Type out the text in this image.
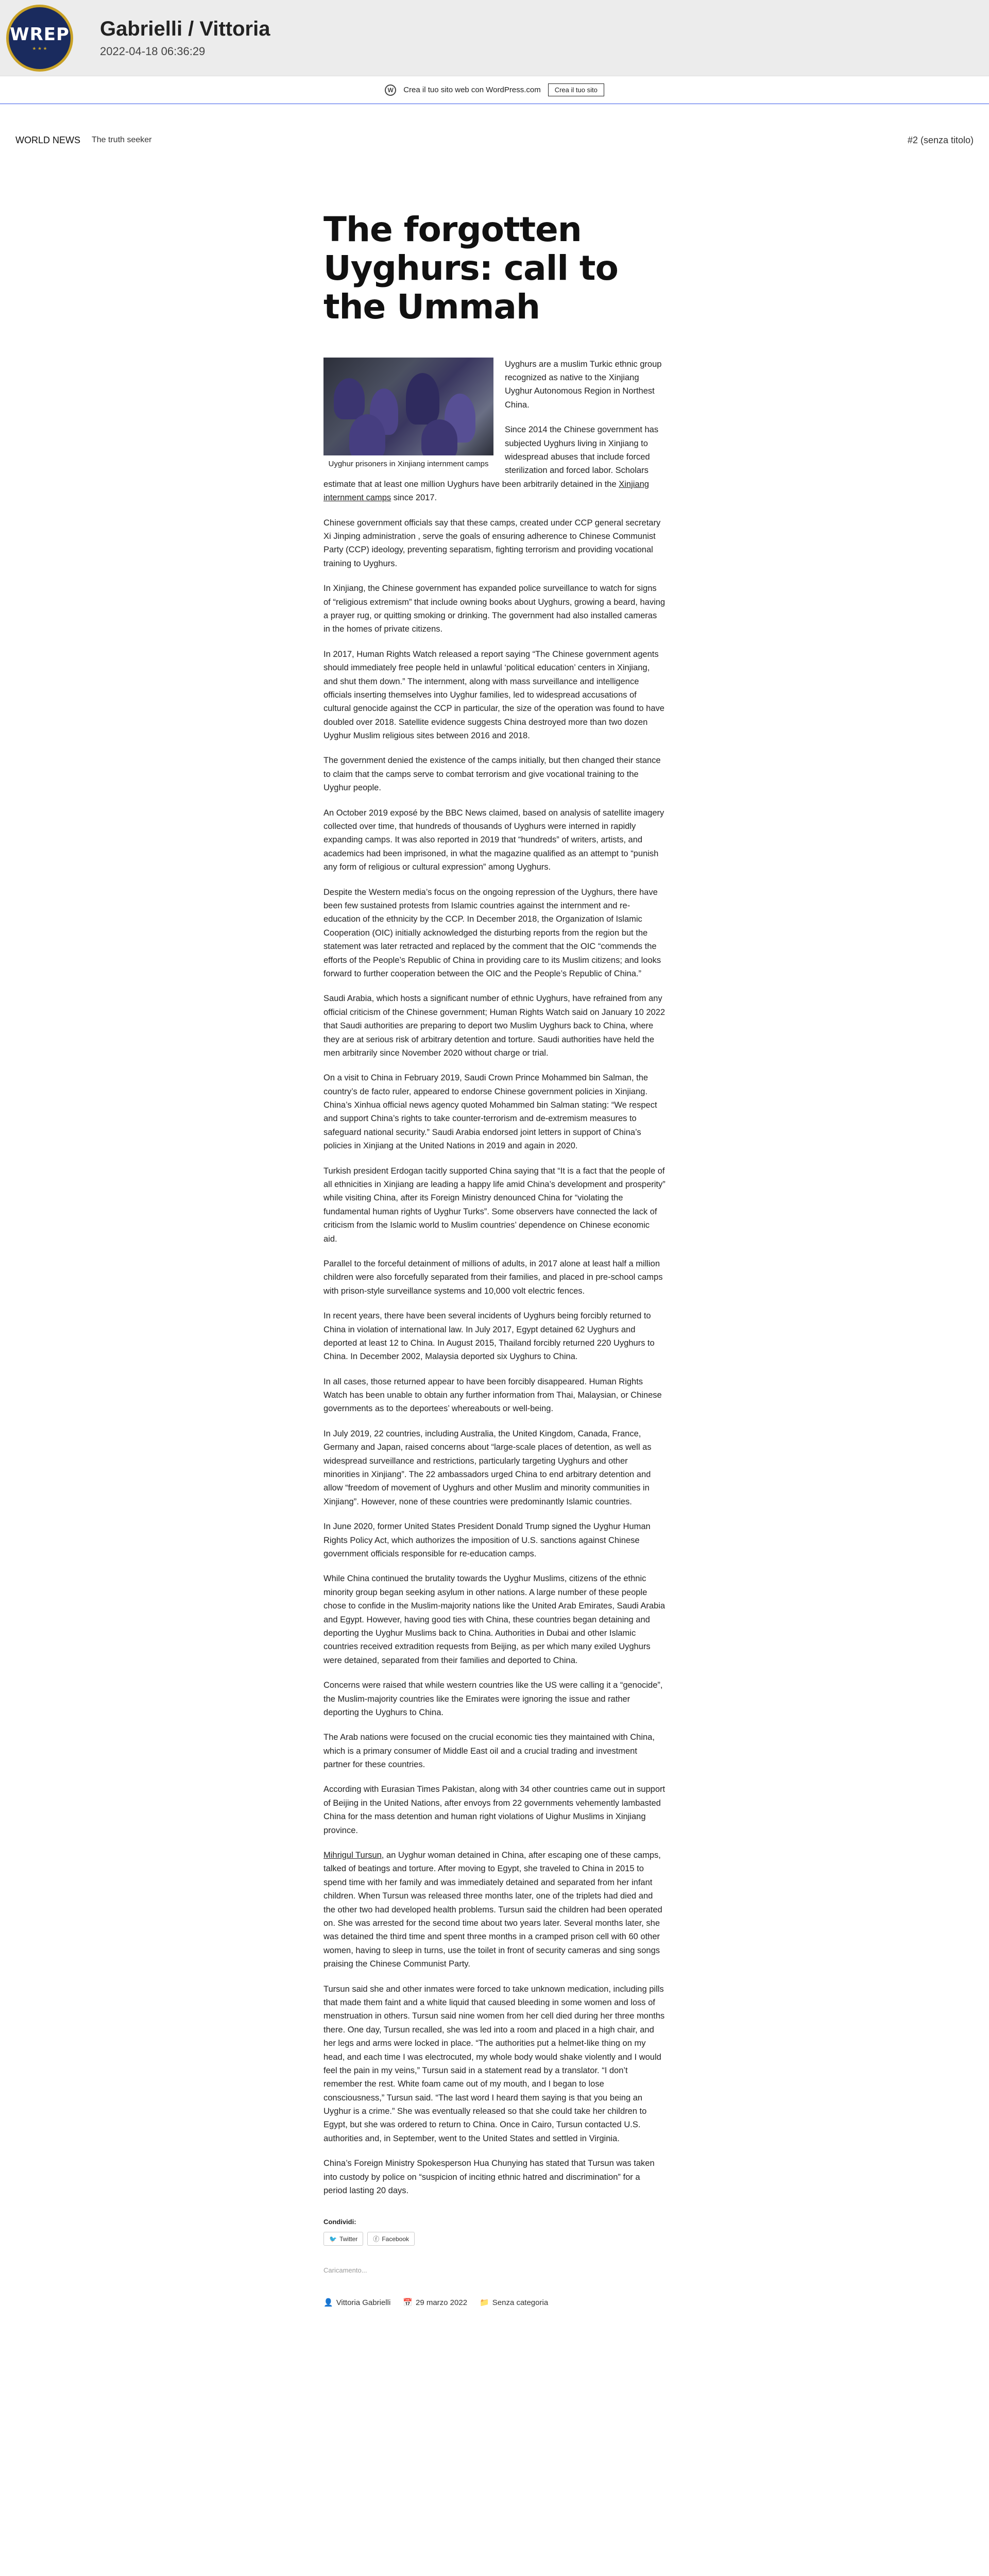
WREP
★ ★ ★
Gabrielli / Vittoria
2022-04-18 06:36:29
W	Crea il tuo sito web con WordPress.com	Crea il tuo sito
WORLD NEWS The truth seeker	#2 (senza titolo)
The forgotten Uyghurs: call to the Ummah
Uyghur prisoners in Xinjiang internment camps

Uyghurs are a muslim Turkic ethnic group recognized as native to the Xinjiang Uyghur Autonomous Region in Northest China.

Since 2014 the Chinese government has subjected Uyghurs living in Xinjiang to widespread abuses that include forced sterilization and forced labor. Scholars estimate that at least one million Uyghurs have been arbitrarily detained in the Xinjiang internment camps since 2017.

Chinese government officials say that these camps, created under CCP general secretary Xi Jinping administration , serve the goals of ensuring adherence to Chinese Communist Party (CCP) ideology, preventing separatism, fighting terrorism and providing vocational training to Uyghurs.

In Xinjiang, the Chinese government has expanded police surveillance to watch for signs of “religious extremism” that include owning books about Uyghurs, growing a beard, having a prayer rug, or quitting smoking or drinking. The government had also installed cameras in the homes of private citizens.

In 2017, Human Rights Watch released a report saying “The Chinese government agents should immediately free people held in unlawful ‘political education’ centers in Xinjiang, and shut them down.” The internment, along with mass surveillance and intelligence officials inserting themselves into Uyghur families, led to widespread accusations of cultural genocide against the CCP in particular, the size of the operation was found to have doubled over 2018. Satellite evidence suggests China destroyed more than two dozen Uyghur Muslim religious sites between 2016 and 2018.

The government denied the existence of the camps initially, but then changed their stance to claim that the camps serve to combat terrorism and give vocational training to the Uyghur people.

An October 2019 exposé by the BBC News claimed, based on analysis of satellite imagery collected over time, that hundreds of thousands of Uyghurs were interned in rapidly expanding camps. It was also reported in 2019 that “hundreds” of writers, artists, and academics had been imprisoned, in what the magazine qualified as an attempt to “punish any form of religious or cultural expression” among Uyghurs.

Despite the Western media’s focus on the ongoing repression of the Uyghurs, there have been few sustained protests from Islamic countries against the internment and re-education of the ethnicity by the CCP. In December 2018, the Organization of Islamic Cooperation (OIC) initially acknowledged the disturbing reports from the region but the statement was later retracted and replaced by the comment that the OIC “commends the efforts of the People’s Republic of China in providing care to its Muslim citizens; and looks forward to further cooperation between the OIC and the People’s Republic of China.”

Saudi Arabia, which hosts a significant number of ethnic Uyghurs, have refrained from any official criticism of the Chinese government; Human Rights Watch said on January 10 2022 that Saudi authorities are preparing to deport two Muslim Uyghurs back to China, where they are at serious risk of arbitrary detention and torture. Saudi authorities have held the men arbitrarily since November 2020 without charge or trial.

On a visit to China in February 2019, Saudi Crown Prince Mohammed bin Salman, the country’s de facto ruler, appeared to endorse Chinese government policies in Xinjiang. China’s Xinhua official news agency quoted Mohammed bin Salman stating: “We respect and support China’s rights to take counter-terrorism and de-extremism measures to safeguard national security.” Saudi Arabia endorsed joint letters in support of China’s policies in Xinjiang at the United Nations in 2019 and again in 2020.

Turkish president Erdogan tacitly supported China saying that “It is a fact that the people of all ethnicities in Xinjiang are leading a happy life amid China’s development and prosperity” while visiting China, after its Foreign Ministry denounced China for “violating the fundamental human rights of Uyghur Turks”. Some observers have connected the lack of criticism from the Islamic world to Muslim countries’ dependence on Chinese economic aid.

Parallel to the forceful detainment of millions of adults, in 2017 alone at least half a million children were also forcefully separated from their families, and placed in pre-school camps with prison-style surveillance systems and 10,000 volt electric fences.

In recent years, there have been several incidents of Uyghurs being forcibly returned to China in violation of international law. In July 2017, Egypt detained 62 Uyghurs and deported at least 12 to China. In August 2015, Thailand forcibly returned 220 Uyghurs to China. In December 2002, Malaysia deported six Uyghurs to China.

In all cases, those returned appear to have been forcibly disappeared. Human Rights Watch has been unable to obtain any further information from Thai, Malaysian, or Chinese governments as to the deportees’ whereabouts or well-being.

In July 2019, 22 countries, including Australia, the United Kingdom, Canada, France, Germany and Japan, raised concerns about “large-scale places of detention, as well as widespread surveillance and restrictions, particularly targeting Uyghurs and other minorities in Xinjiang”. The 22 ambassadors urged China to end arbitrary detention and allow “freedom of movement of Uyghurs and other Muslim and minority communities in Xinjiang”. However, none of these countries were predominantly Islamic countries.

In June 2020, former United States President Donald Trump signed the Uyghur Human Rights Policy Act, which authorizes the imposition of U.S. sanctions against Chinese government officials responsible for re-education camps.

While China continued the brutality towards the Uyghur Muslims, citizens of the ethnic minority group began seeking asylum in other nations. A large number of these people chose to confide in the Muslim-majority nations like the United Arab Emirates, Saudi Arabia and Egypt. However, having good ties with China, these countries began detaining and deporting the Uyghur Muslims back to China. Authorities in Dubai and other Islamic countries received extradition requests from Beijing, as per which many exiled Uyghurs were detained, separated from their families and deported to China.

Concerns were raised that while western countries like the US were calling it a “genocide”, the Muslim-majority countries like the Emirates were ignoring the issue and rather deporting the Uyghurs to China.

The Arab nations were focused on the crucial economic ties they maintained with China, which is a primary consumer of Middle East oil and a crucial trading and investment partner for these countries.

According with Eurasian Times Pakistan, along with 34 other countries came out in support of Beijing in the United Nations, after envoys from 22 governments vehemently lambasted China for the mass detention and human right violations of Uighur Muslims in Xinjiang province.

Mihrigul Tursun, an Uyghur woman detained in China, after escaping one of these camps, talked of beatings and torture. After moving to Egypt, she traveled to China in 2015 to spend time with her family and was immediately detained and separated from her infant children. When Tursun was released three months later, one of the triplets had died and the other two had developed health problems. Tursun said the children had been operated on. She was arrested for the second time about two years later. Several months later, she was detained the third time and spent three months in a cramped prison cell with 60 other women, having to sleep in turns, use the toilet in front of security cameras and sing songs praising the Chinese Communist Party.

Tursun said she and other inmates were forced to take unknown medication, including pills that made them faint and a white liquid that caused bleeding in some women and loss of menstruation in others. Tursun said nine women from her cell died during her three months there. One day, Tursun recalled, she was led into a room and placed in a high chair, and her legs and arms were locked in place. “The authorities put a helmet-like thing on my head, and each time I was electrocuted, my whole body would shake violently and I would feel the pain in my veins,” Tursun said in a statement read by a translator. “I don’t remember the rest. White foam came out of my mouth, and I began to lose consciousness,” Tursun said. “The last word I heard them saying is that you being an Uyghur is a crime.” She was eventually released so that she could take her children to Egypt, but she was ordered to return to China. Once in Cairo, Tursun contacted U.S. authorities and, in September, went to the United States and settled in Virginia.

China’s Foreign Ministry Spokesperson Hua Chunying has stated that Tursun was taken into custody by police on “suspicion of inciting ethnic hatred and discrimination” for a period lasting 20 days.

Condividi:
🐦 Twitter	ⓕ Facebook
Caricamento...
👤 Vittoria Gabrielli 📅 29 marzo 2022 📁 Senza categoria
